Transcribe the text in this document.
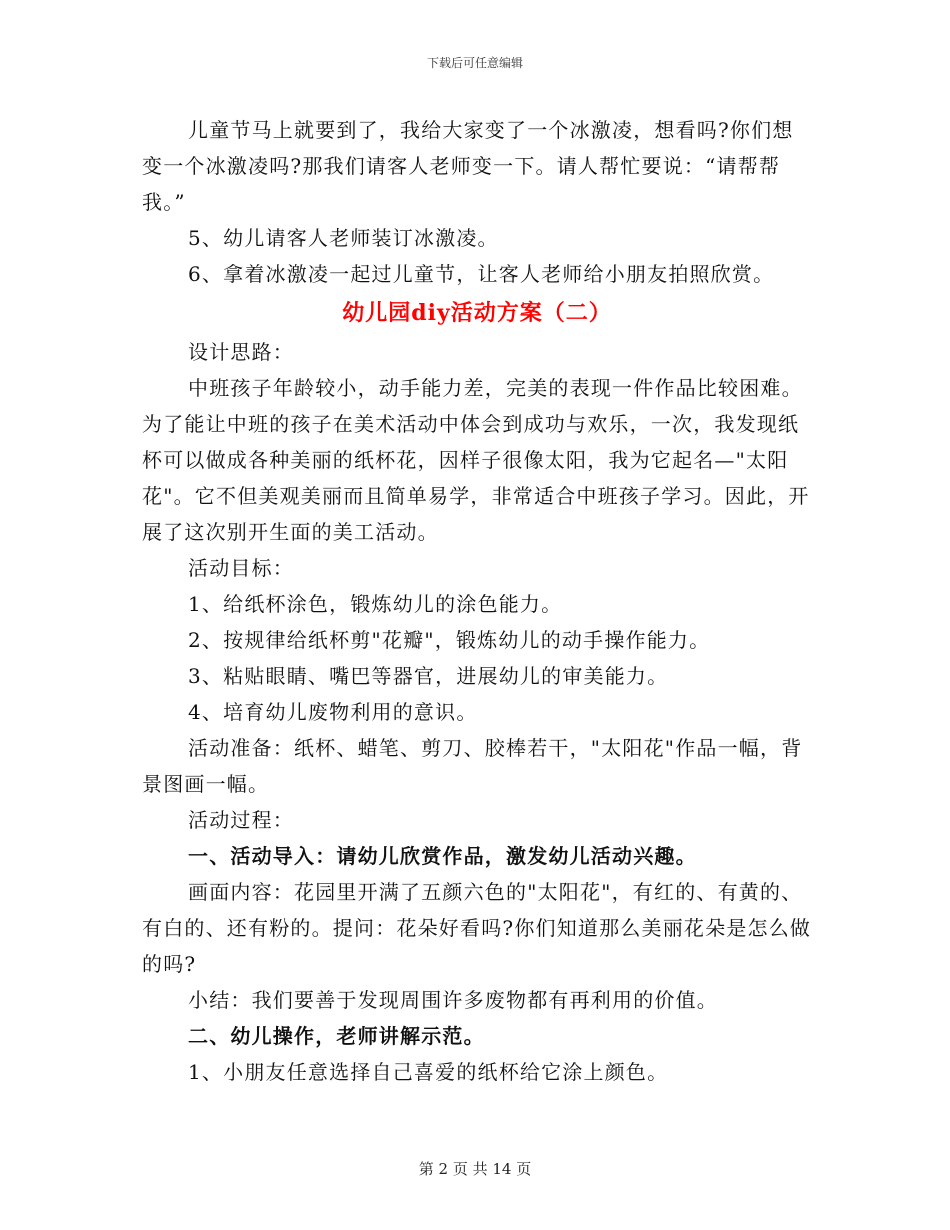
下载后可任意编辑

儿童节马上就要到了，我给大家变了一个冰激凌，想看吗?你们想变一个冰激凌吗?那我们请客人老师变一下。请人帮忙要说：“请帮帮我。”

5、幼儿请客人老师装订冰激凌。

6、拿着冰激凌一起过儿童节，让客人老师给小朋友拍照欣赏。

幼儿园diy活动方案（二）

设计思路：

中班孩子年龄较小，动手能力差，完美的表现一件作品比较困难。为了能让中班的孩子在美术活动中体会到成功与欢乐，一次，我发现纸杯可以做成各种美丽的纸杯花，因样子很像太阳，我为它起名—"太阳花"。它不但美观美丽而且简单易学，非常适合中班孩子学习。因此，开展了这次别开生面的美工活动。

活动目标：

1、给纸杯涂色，锻炼幼儿的涂色能力。

2、按规律给纸杯剪"花瓣"，锻炼幼儿的动手操作能力。

3、粘贴眼睛、嘴巴等器官，进展幼儿的审美能力。

4、培育幼儿废物利用的意识。

活动准备：纸杯、蜡笔、剪刀、胶棒若干，"太阳花"作品一幅，背景图画一幅。

活动过程：

一、活动导入：请幼儿欣赏作品，激发幼儿活动兴趣。

画面内容：花园里开满了五颜六色的"太阳花"，有红的、有黄的、有白的、还有粉的。提问：花朵好看吗?你们知道那么美丽花朵是怎么做的吗?

小结：我们要善于发现周围许多废物都有再利用的价值。

二、幼儿操作，老师讲解示范。

1、小朋友任意选择自己喜爱的纸杯给它涂上颜色。

第 2 页 共 14 页
